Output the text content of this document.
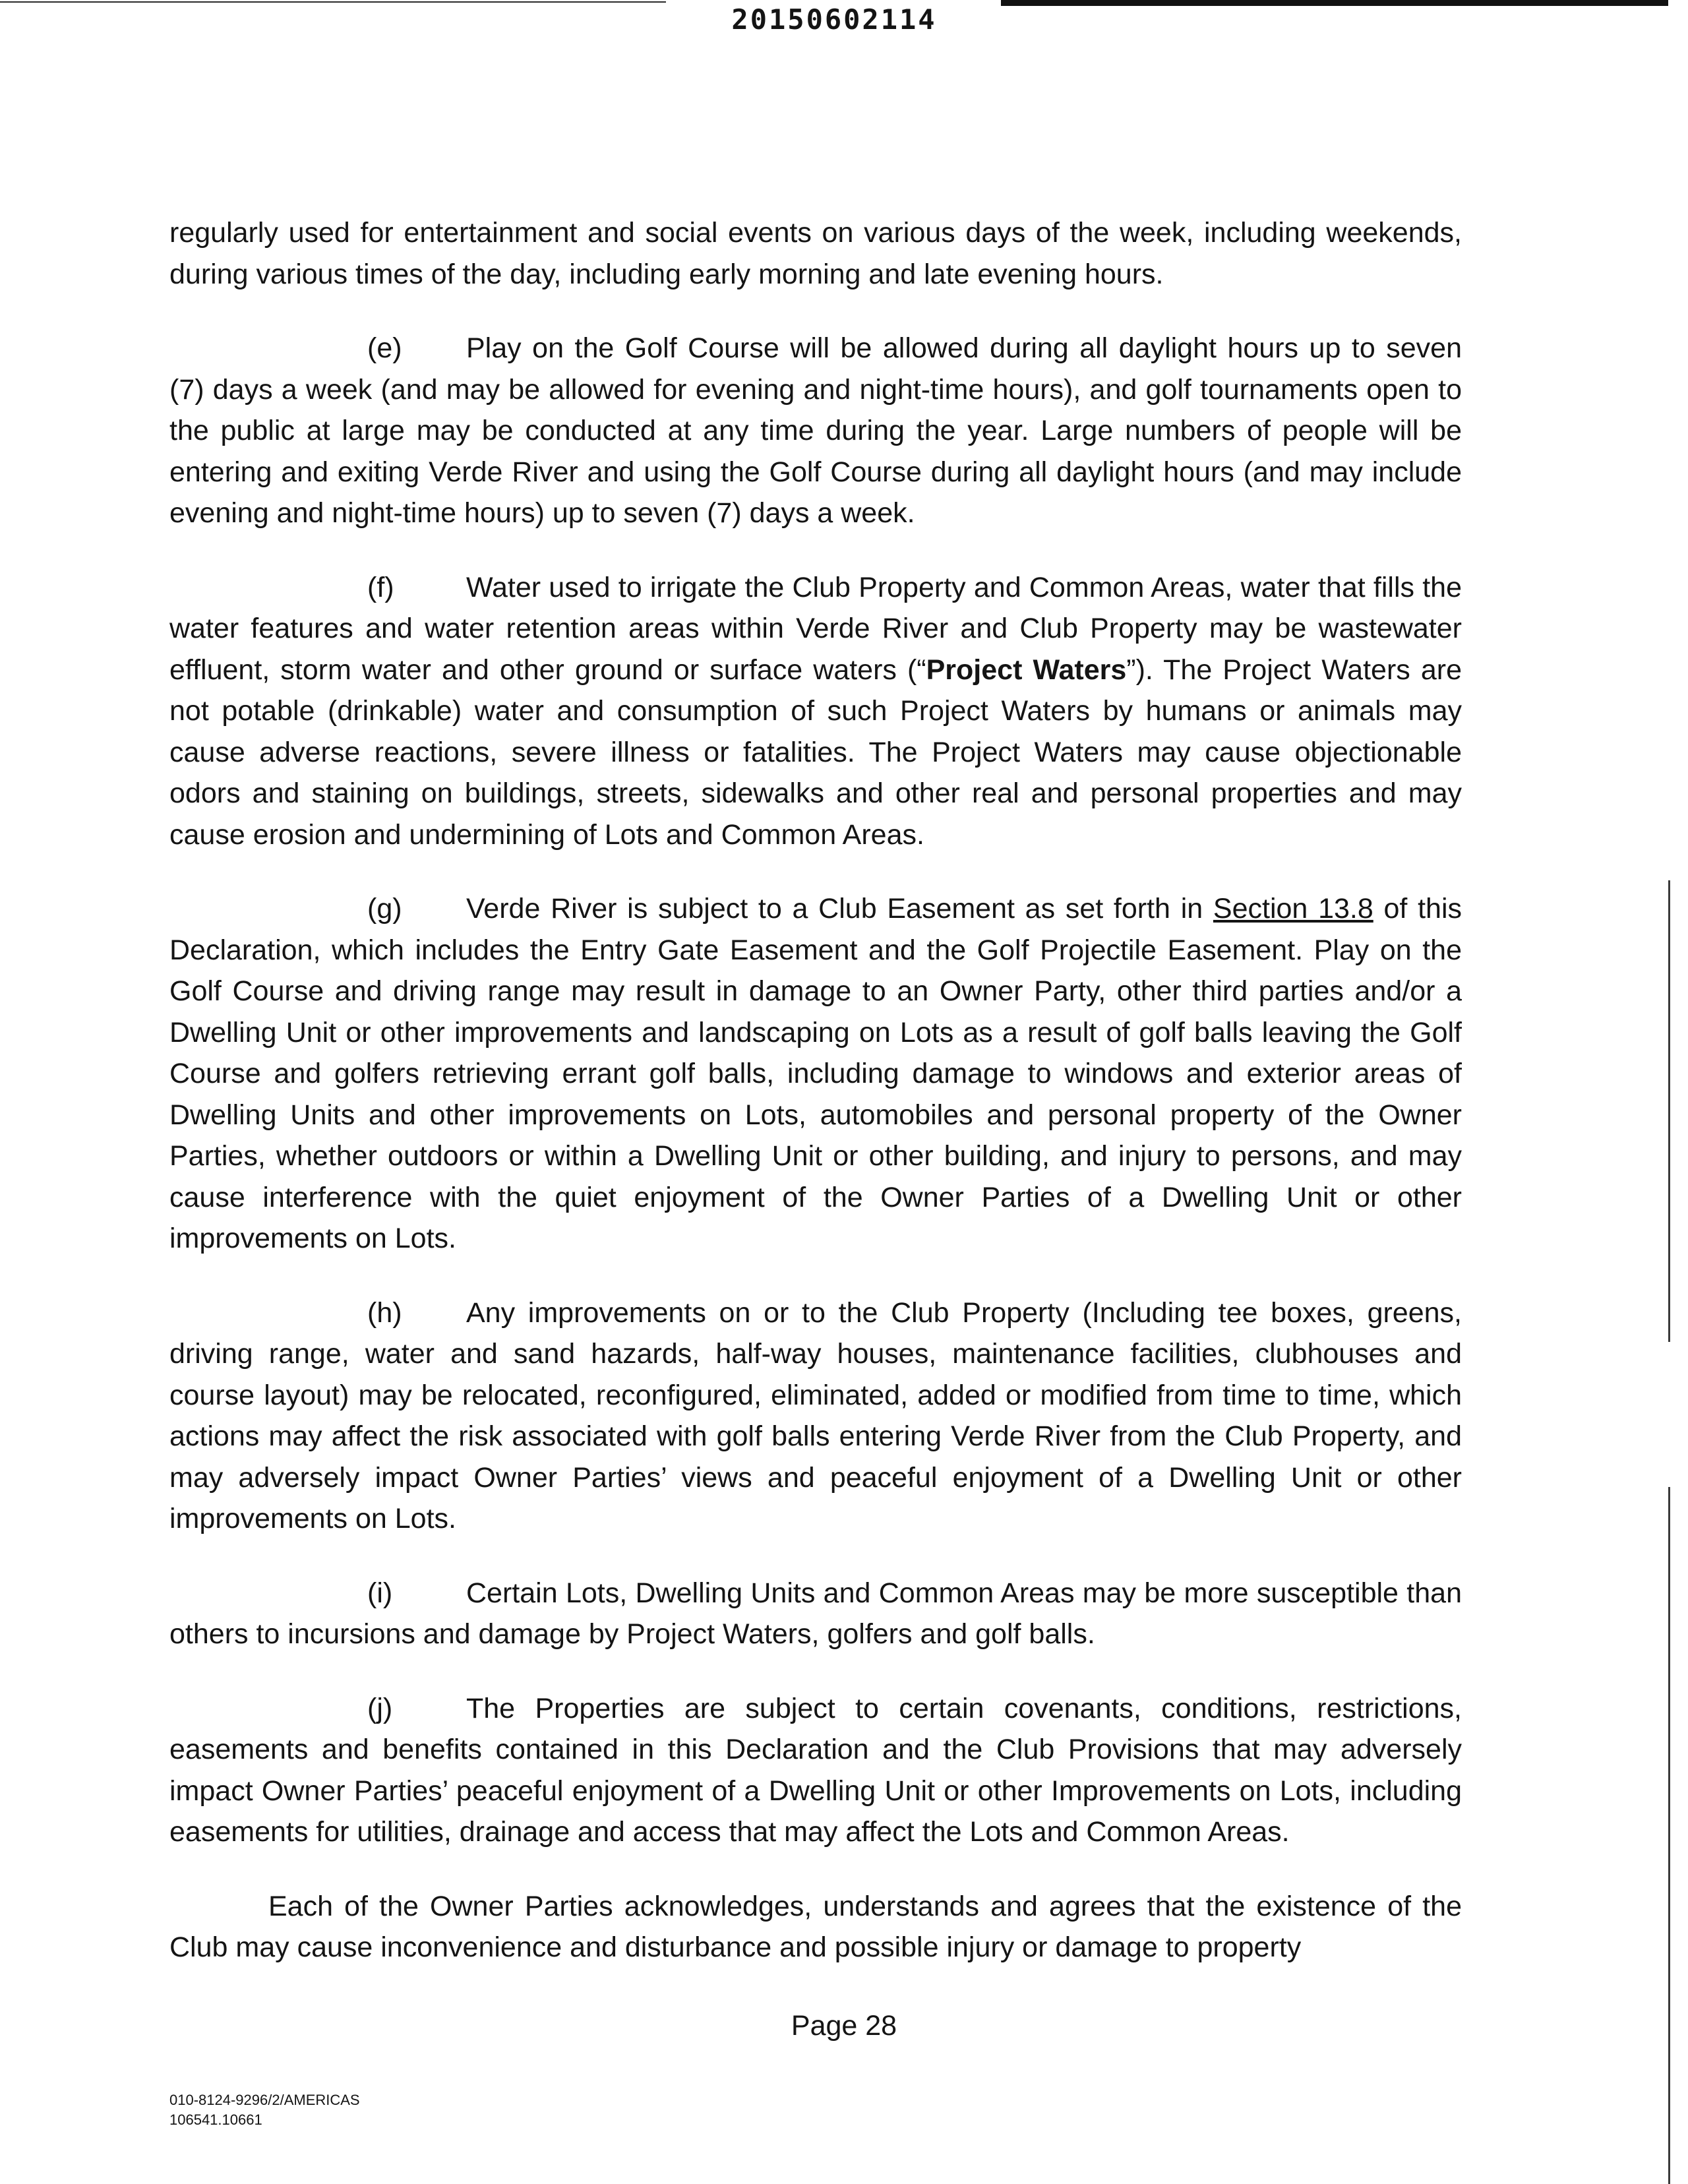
20150602114

regularly used for entertainment and social events on various days of the week, including weekends, during various times of the day, including early morning and late evening hours.

(e) Play on the Golf Course will be allowed during all daylight hours up to seven (7) days a week (and may be allowed for evening and night-time hours), and golf tournaments open to the public at large may be conducted at any time during the year. Large numbers of people will be entering and exiting Verde River and using the Golf Course during all daylight hours (and may include evening and night-time hours) up to seven (7) days a week.

(f)	Water used to irrigate the Club Property and Common Areas, water that fills the water features and water retention areas within Verde River and Club Property may be wastewater effluent, storm water and other ground or surface waters (“Project Waters”). The Project Waters are not potable (drinkable) water and consumption of such Project Waters by humans or animals may cause adverse reactions, severe illness or fatalities. The Project Waters may cause objectionable odors and staining on buildings, streets, sidewalks and other real and personal properties and may cause erosion and undermining of Lots and Common Areas.

(g) Verde River is subject to a Club Easement as set forth in Section 13.8 of this Declaration, which includes the Entry Gate Easement and the Golf Projectile Easement. Play on the Golf Course and driving range may result in damage to an Owner Party, other third parties and/or a Dwelling Unit or other improvements and landscaping on Lots as a result of golf balls leaving the Golf Course and golfers retrieving errant golf balls, including damage to windows and exterior areas of Dwelling Units and other improvements on Lots, automobiles and personal property of the Owner Parties, whether outdoors or within a Dwelling Unit or other building, and injury to persons, and may cause interference with the quiet enjoyment of the Owner Parties of a Dwelling Unit or other improvements on Lots.

(h) Any improvements on or to the Club Property (Including tee boxes, greens, driving range, water and sand hazards, half-way houses, maintenance facilities, clubhouses and course layout) may be relocated, reconfigured, eliminated, added or modified from time to time, which actions may affect the risk associated with golf balls entering Verde River from the Club Property, and may adversely impact Owner Parties’ views and peaceful enjoyment of a Dwelling Unit or other improvements on Lots.

(i)	Certain Lots, Dwelling Units and Common Areas may be more susceptible than others to incursions and damage by Project Waters, golfers and golf balls.

(j)	The Properties are subject to certain covenants, conditions, restrictions, easements and benefits contained in this Declaration and the Club Provisions that may adversely impact Owner Parties’ peaceful enjoyment of a Dwelling Unit or other Improvements on Lots, including easements for utilities, drainage and access that may affect the Lots and Common Areas.

Each of the Owner Parties acknowledges, understands and agrees that the existence of the Club may cause inconvenience and disturbance and possible injury or damage to property

Page 28
010-8124-9296/2/AMERICAS
106541.10661
